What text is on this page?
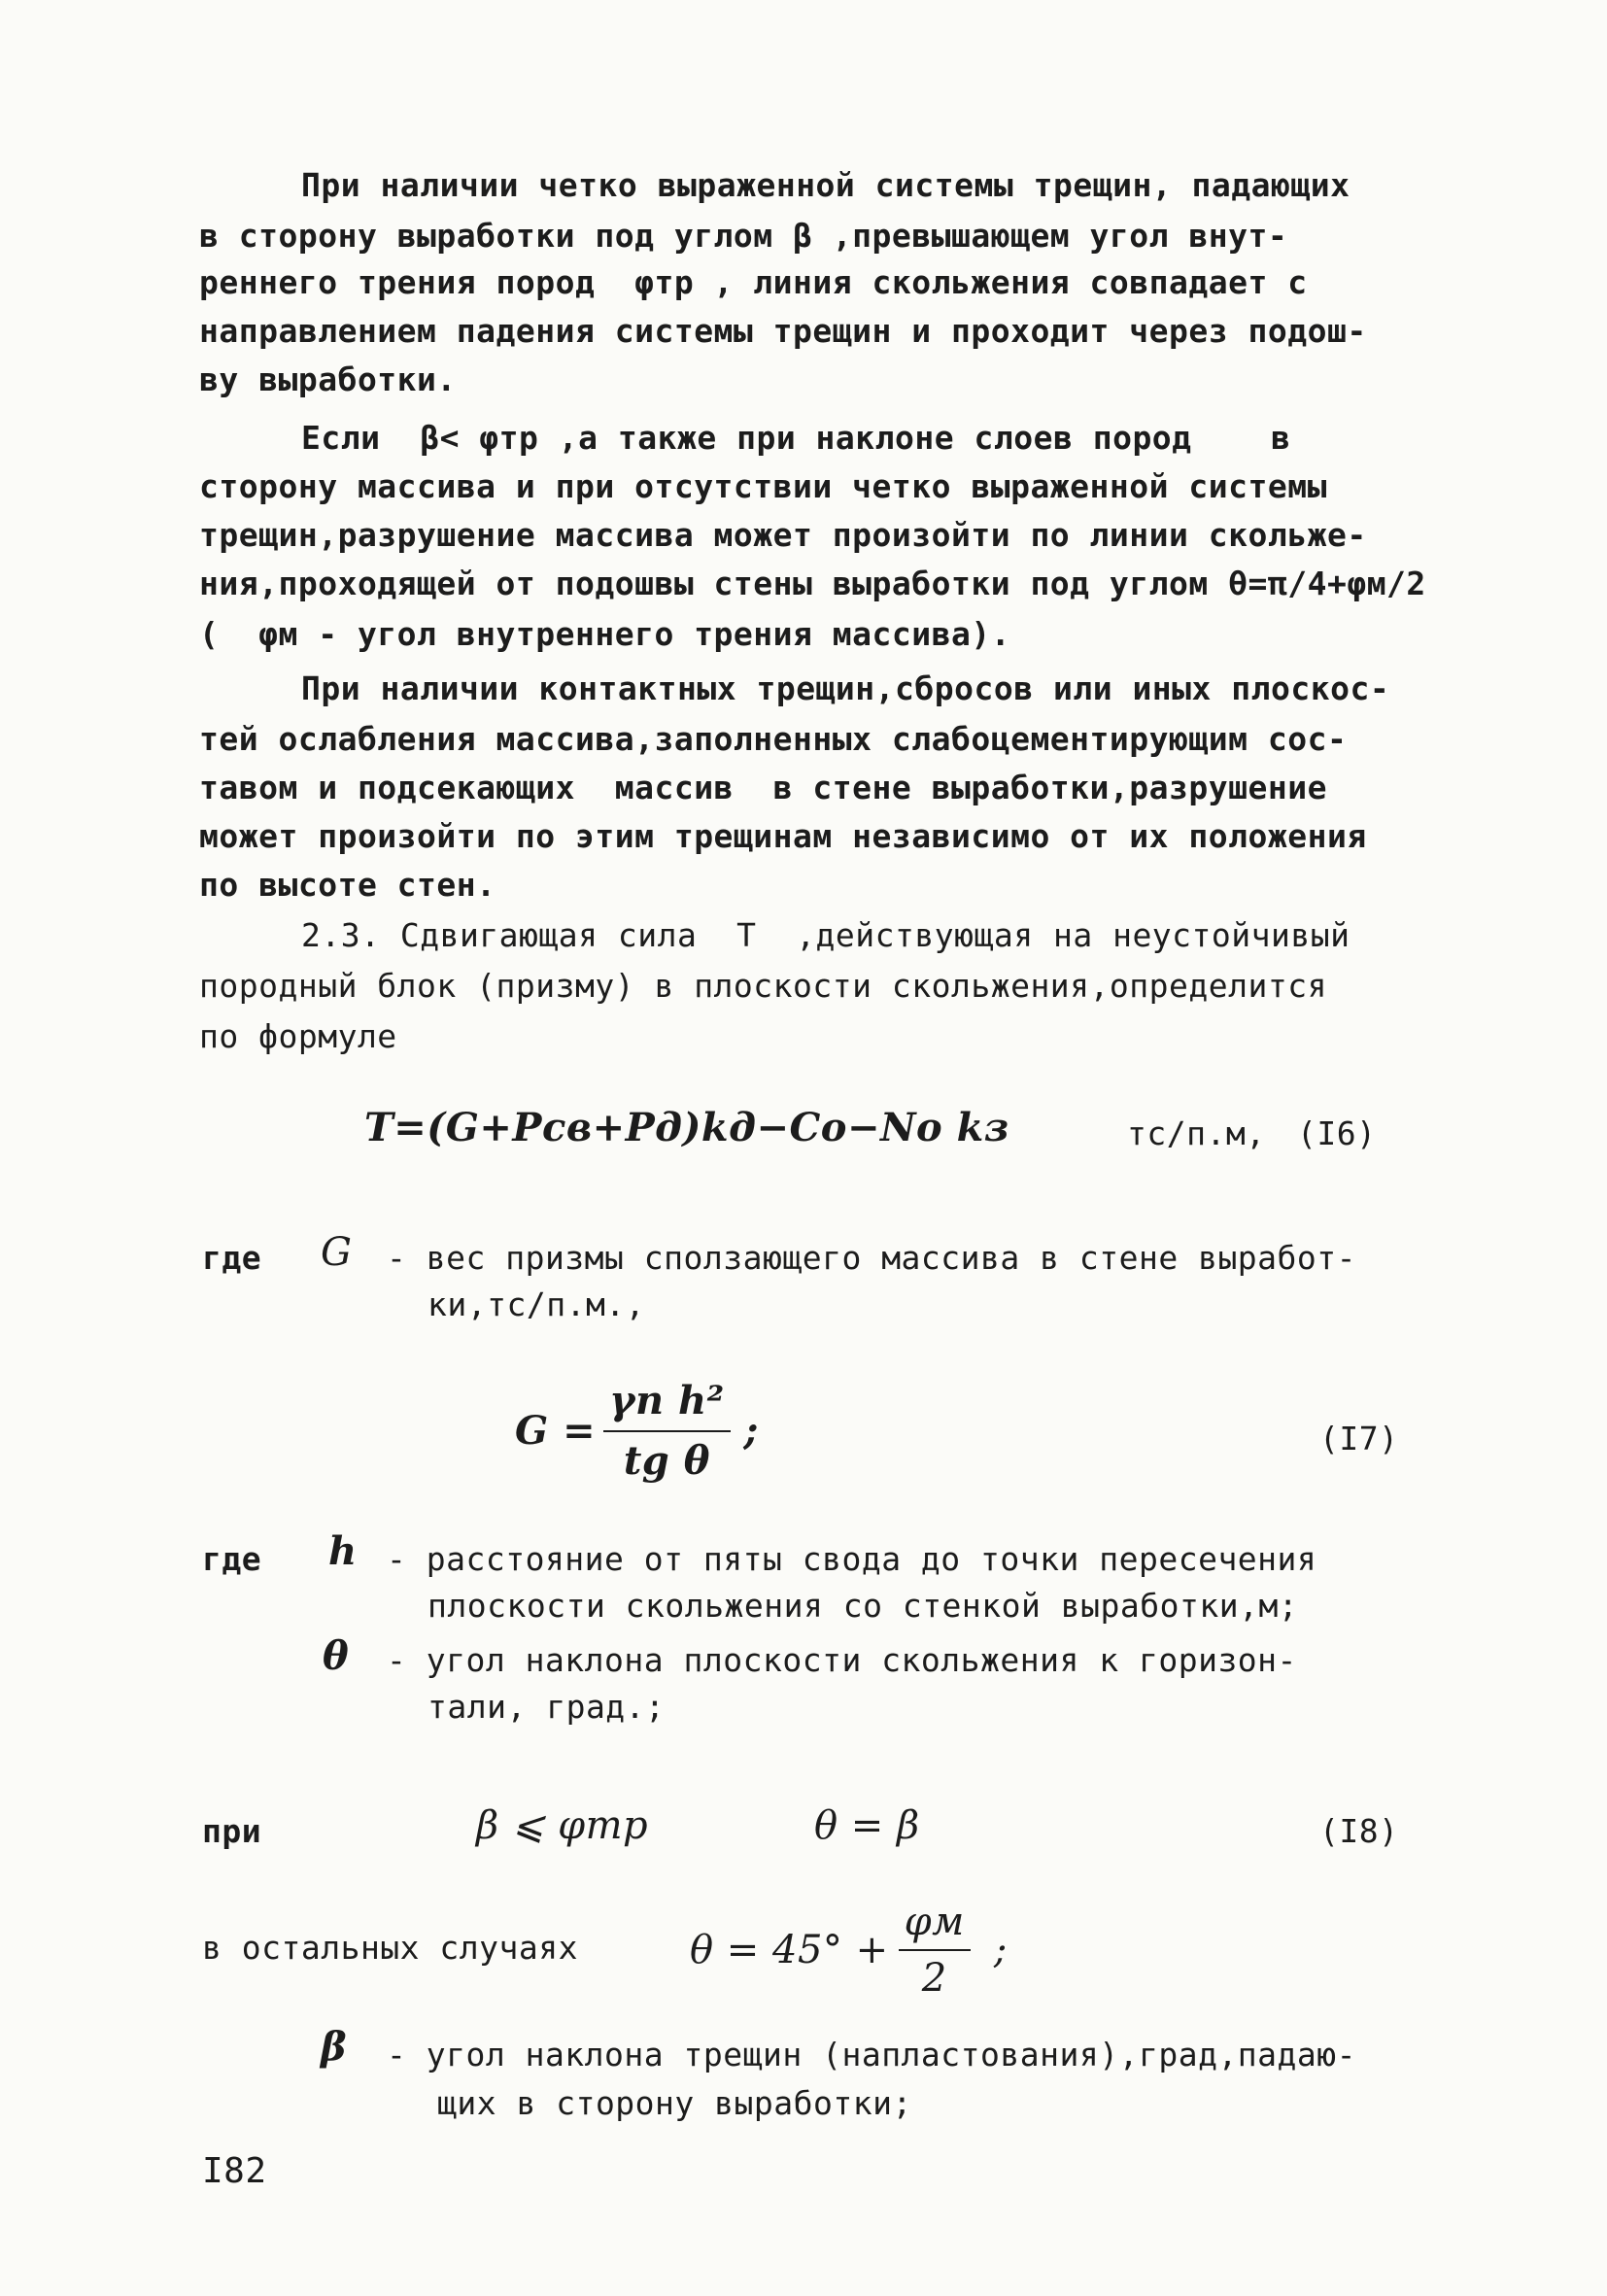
При наличии четко выраженной системы трещин, падающих
в сторону выработки под углом β ,превышающем угол внут-
реннего трения пород  φтр , линия скольжения совпадает с
направлением падения системы трещин и проходит через подош-
ву выработки.
Если  β< φтр ,а также при наклоне слоев пород    в
сторону массива и при отсутствии четко выраженной системы
трещин,разрушение массива может произойти по линии скольже-
ния,проходящей от подошвы стены выработки под углом θ=π/4+φм/2
(  φм - угол внутреннего трения массива).
При наличии контактных трещин,сбросов или иных плоскос-
тей ослабления массива,заполненных слабоцементирующим сос-
тавом и подсекающих  массив  в стене выработки,разрушение
может произойти по этим трещинам независимо от их положения
по высоте стен.
2.3. Сдвигающая сила  T  ,действующая на неустойчивый
породный блок (призму) в плоскости скольжения,определится
по формуле
T=(G+Pсв+Pд)kд−Cо−Nо kз	тс/п.м, (I6)
где G - вес призмы сползающего массива в стене выработ-
ки,тс/п.м.,
$G = \frac{\text{γп h²}}{\text{tg θ}}$ ;	(I7)
где h - расстояние от пяты свода до точки пересечения
плоскости скольжения со стенкой выработки,м;
θ - угол наклона плоскости скольжения к горизон-
тали, град.;
при	β ⩽ φтр	θ = β	(I8)
в остальных случаях	$\theta = 45^\circ + \frac{\varphi м}{2}$ ;
β - угол наклона трещин (напластования),град,падаю-
щих в сторону выработки;
I82
